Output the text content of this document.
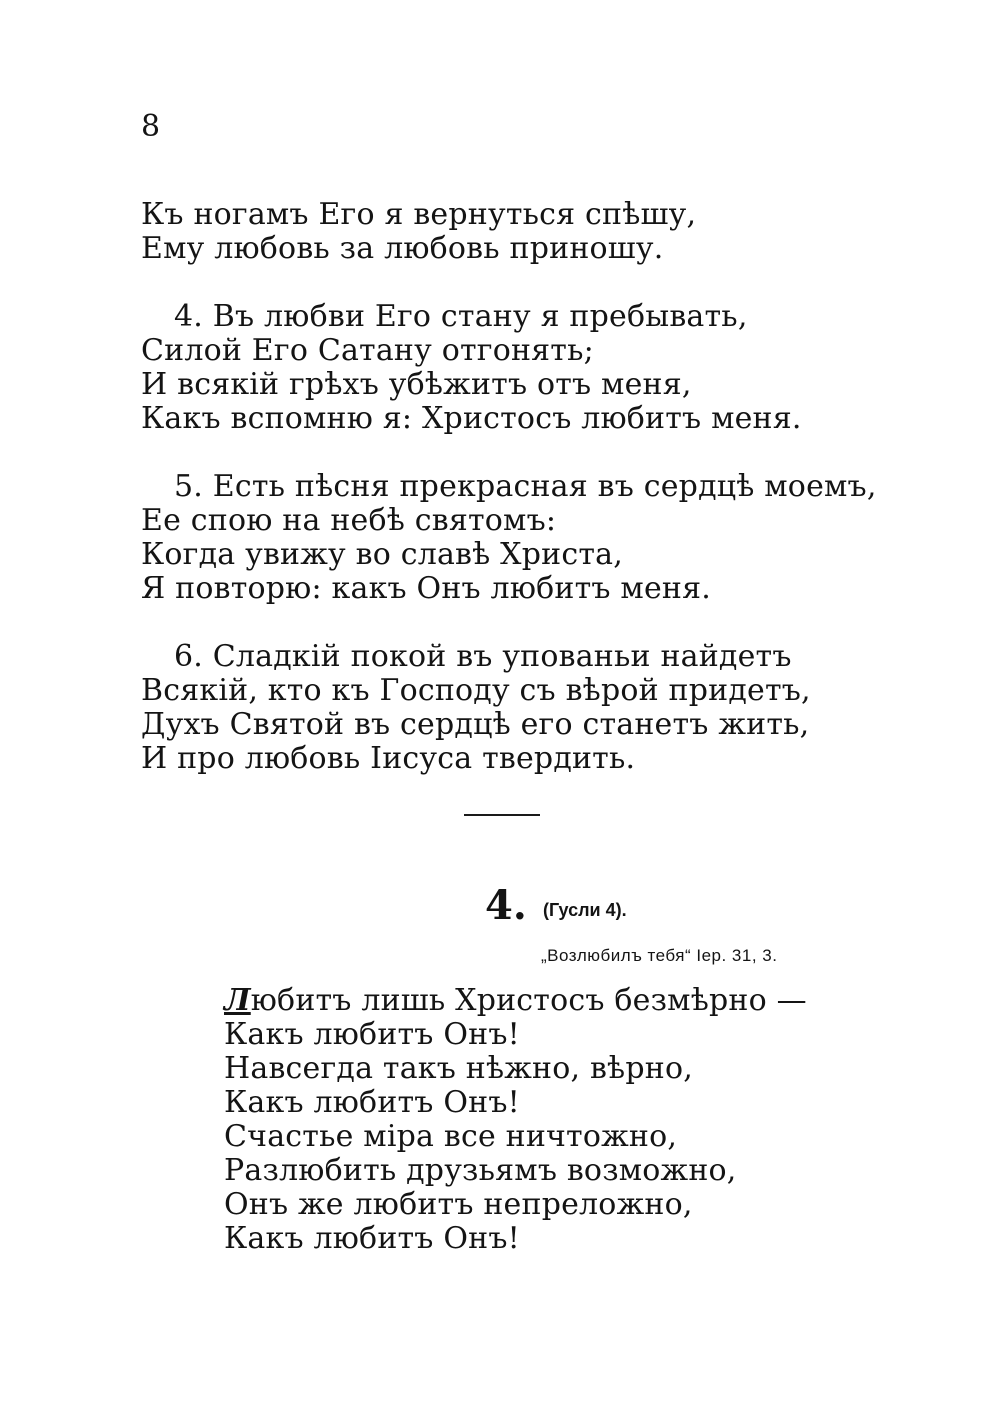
8
Къ ногамъ Его я вернуться спѣшу,
Ему любовь за любовь приношу.
4. Въ любви Его стану я пребывать,
Силой Его Сатану отгонять;
И всякій грѣхъ убѣжитъ отъ меня,
Какъ вспомню я: Христосъ любитъ меня.
5. Есть пѣсня прекрасная въ сердцѣ моемъ,
Ее спою на небѣ святомъ:
Когда увижу во славѣ Христа,
Я повторю: какъ Онъ любитъ меня.
6. Сладкій покой въ упованьи найдетъ
Всякій, кто къ Господу съ вѣрой придетъ,
Духъ Святой въ сердцѣ его станетъ жить,
И про любовь Іисуса твердить.
4. (Гусли 4).
„Возлюбилъ тебя“ Іер. 31, 3.
Любитъ лишь Христосъ безмѣрно —
Какъ любитъ Онъ!
Навсегда такъ нѣжно, вѣрно,
Какъ любитъ Онъ!
Счастье міра все ничтожно,
Разлюбить друзьямъ возможно,
Онъ же любитъ непреложно,
Какъ любитъ Онъ!
